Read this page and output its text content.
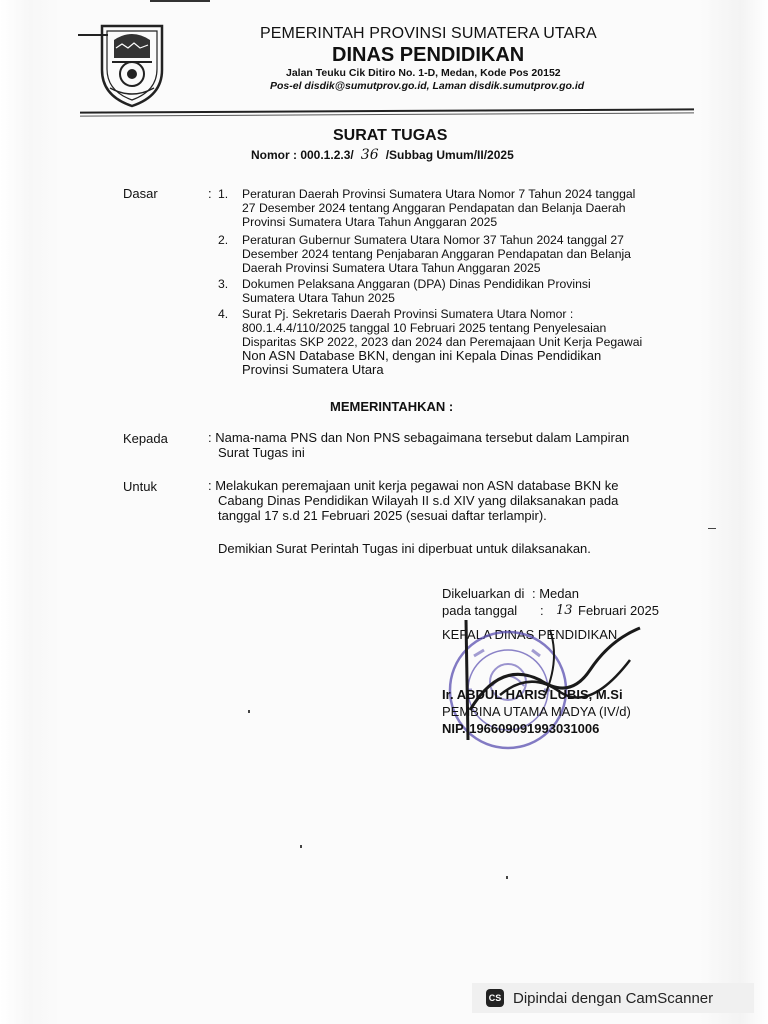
PEMERINTAH PROVINSI SUMATERA UTARA
DINAS PENDIDIKAN
Jalan Teuku Cik Ditiro No. 1-D, Medan, Kode Pos 20152
Pos-el disdik@sumutprov.go.id, Laman disdik.sumutprov.go.id
SURAT TUGAS
Nomor : 000.1.2.3/ 36 /Subbag Umum/II/2025
Dasar	: 1. Peraturan Daerah Provinsi Sumatera Utara Nomor 7 Tahun 2024 tanggal
27 Desember 2024 tentang Anggaran Pendapatan dan Belanja Daerah
Provinsi Sumatera Utara Tahun Anggaran 2025
2. Peraturan Gubernur Sumatera Utara Nomor 37 Tahun 2024 tanggal 27
Desember 2024 tentang Penjabaran Anggaran Pendapatan dan Belanja
Daerah Provinsi Sumatera Utara Tahun Anggaran 2025
3. Dokumen Pelaksana Anggaran (DPA) Dinas Pendidikan Provinsi
Sumatera Utara Tahun 2025
4. Surat Pj. Sekretaris Daerah Provinsi Sumatera Utara Nomor :
800.1.4.4/110/2025 tanggal 10 Februari 2025 tentang Penyelesaian
Disparitas SKP 2022, 2023 dan 2024 dan Peremajaan Unit Kerja Pegawai
Non ASN Database BKN, dengan ini Kepala Dinas Pendidikan
Provinsi Sumatera Utara
MEMERINTAHKAN :
Kepada	: Nama-nama PNS dan Non PNS sebagaimana tersebut dalam Lampiran
Surat Tugas ini
Untuk	: Melakukan peremajaan unit kerja pegawai non ASN database BKN ke
Cabang Dinas Pendidikan Wilayah II s.d XIV yang dilaksanakan pada
tanggal 17 s.d 21 Februari 2025 (sesuai daftar terlampir).
Demikian Surat Perintah Tugas ini diperbuat untuk dilaksanakan.
Dikeluarkan di : Medan
pada tanggal : 13 Februari 2025
KEPALA DINAS PENDIDIKAN
Ir. ABDUL HARIS LUBIS, M.Si
PEMBINA UTAMA MADYA (IV/d)
NIP. 196609091993031006
CS Dipindai dengan CamScanner
